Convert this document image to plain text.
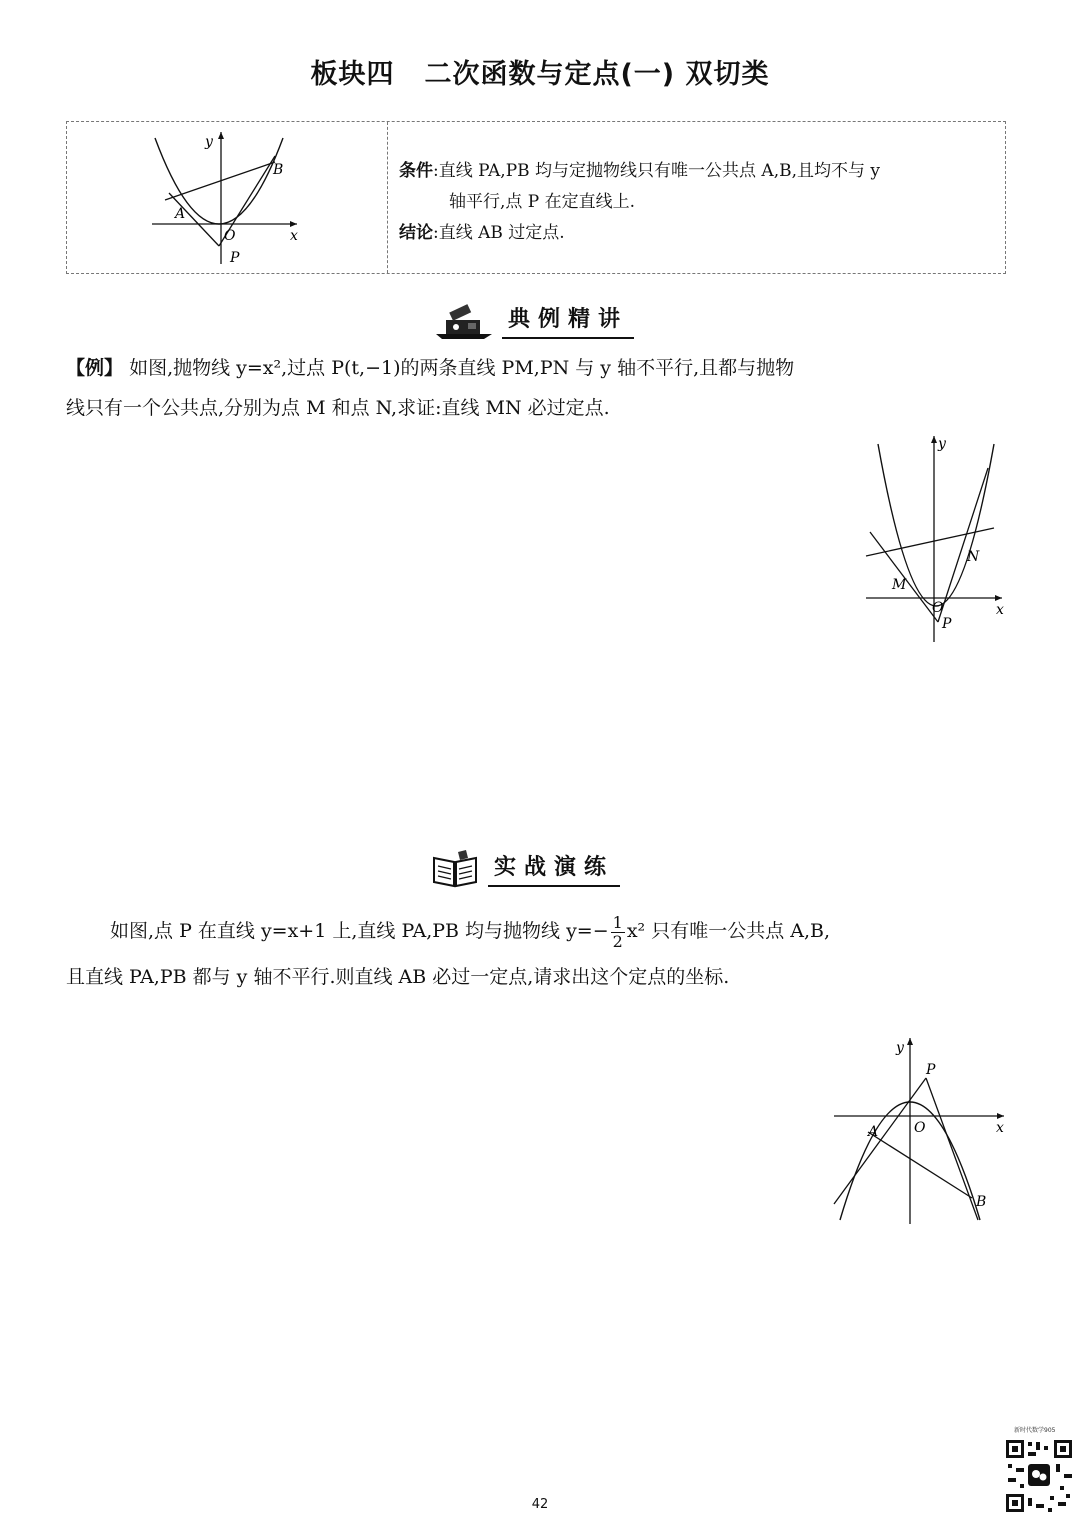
板块四 二次函数与定点(一) 双切类
y
x
O
A
B
P
条件:直线 PA,PB 均与定抛物线只有唯一公共点 A,B,且均不与 y
轴平行,点 P 在定直线上.
结论:直线 AB 过定点.
典例精讲
【例】 如图,抛物线 y=x²,过点 P(t,−1)的两条直线 PM,PN 与 y 轴不平行,且都与抛物
线只有一个公共点,分别为点 M 和点 N,求证:直线 MN 必过定点.
y
x
O
M
N
P
实战演练
如图,点 P 在直线 y=x+1 上,直线 PA,PB 均与抛物线 $y=- \frac{1}{2} x^2$ 只有唯一公共点 A,B,
且直线 PA,PB 都与 y 轴不平行.则直线 AB 必过一定点,请求出这个定点的坐标.
y
x
O
A
B
P
新时代数学905
42
